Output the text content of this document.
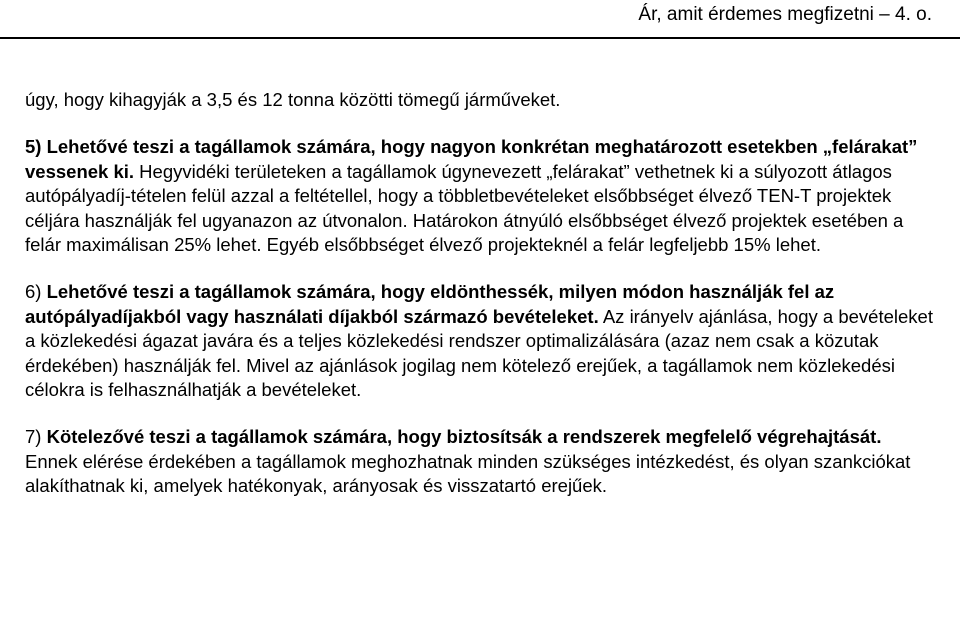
Ár, amit érdemes megfizetni – 4. o.

úgy, hogy kihagyják a 3,5 és 12 tonna közötti tömegű járműveket.

5) Lehetővé teszi a tagállamok számára, hogy nagyon konkrétan meghatározott esetekben „felárakat” vessenek ki. Hegyvidéki területeken a tagállamok úgynevezett „felárakat” vethetnek ki a súlyozott átlagos autópályadíj-tételen felül azzal a feltétellel, hogy a többletbevételeket elsőbbséget élvező TEN-T projektek céljára használják fel ugyanazon az útvonalon. Határokon átnyúló elsőbbséget élvező projektek esetében a felár maximálisan 25% lehet. Egyéb elsőbbséget élvező projekteknél a felár legfeljebb 15% lehet.

6) Lehetővé teszi a tagállamok számára, hogy eldönthessék, milyen módon használják fel az autópályadíjakból vagy használati díjakból származó bevételeket. Az irányelv ajánlása, hogy a bevételeket a közlekedési ágazat javára és a teljes közlekedési rendszer optimalizálására (azaz nem csak a közutak érdekében) használják fel. Mivel az ajánlások jogilag nem kötelező erejűek, a tagállamok nem közlekedési célokra is felhasználhatják a bevételeket.

7) Kötelezővé teszi a tagállamok számára, hogy biztosítsák a rendszerek megfelelő végrehajtását. Ennek elérése érdekében a tagállamok meghozhatnak minden szükséges intézkedést, és olyan szankciókat alakíthatnak ki, amelyek hatékonyak, arányosak és visszatartó erejűek.
